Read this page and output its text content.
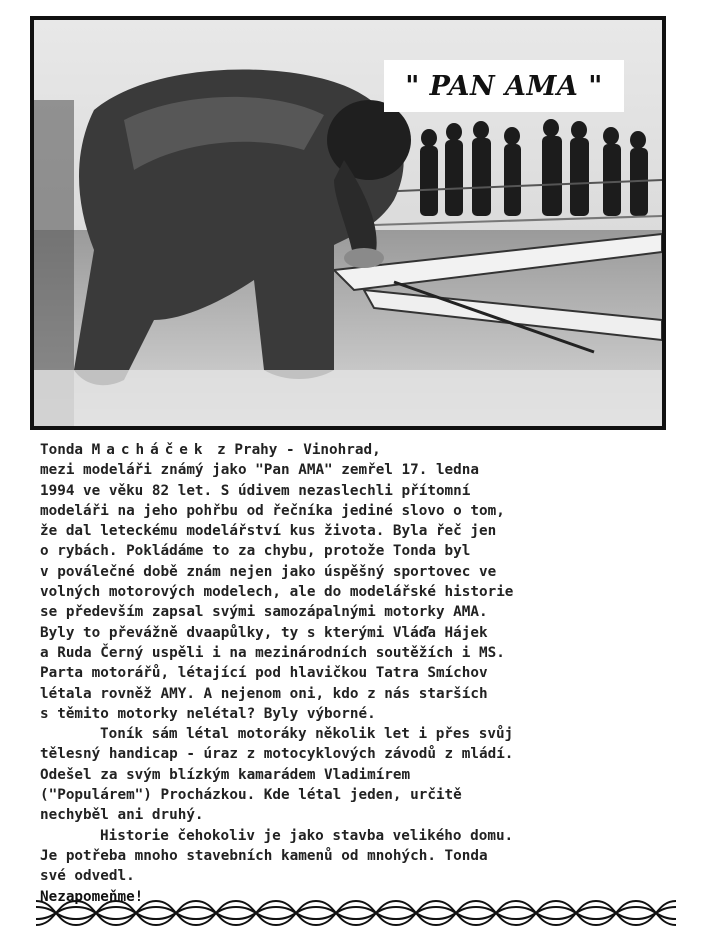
" PAN AMA "

Tonda Macháček z Prahy - Vinohrad,

mezi modeláři známý jako "Pan AMA" zemřel 17. ledna

1994 ve věku 82 let. S údivem nezaslechli přítomní

modeláři na jeho pohřbu od řečníka jediné slovo o tom,

že dal leteckému modelářství kus života. Byla řeč jen

o rybách. Pokládáme to za chybu, protože Tonda byl

v poválečné době znám nejen jako úspěšný sportovec ve

volných motorových modelech, ale do modelářské historie

se především zapsal svými samozápalnými motorky AMA.

Byly to převážně dvaapůlky, ty s kterými Vláďa Hájek

a Ruda Černý uspěli i na mezinárodních soutěžích i MS.

Parta motorářů, létající pod hlavičkou Tatra Smíchov

létala rovněž AMY. A nejenom oni, kdo z nás starších

s těmito motorky nelétal? Byly výborné.

Toník sám létal motoráky několik let i přes svůj

tělesný handicap - úraz z motocyklových závodů z mládí.

Odešel za svým blízkým kamarádem Vladimírem

("Populárem") Procházkou. Kde létal jeden, určitě

nechyběl ani druhý.

Historie čehokoliv je jako stavba velikého domu.

Je potřeba mnoho stavebních kamenů od mnohých. Tonda

své odvedl.

Nezapomeňme!
